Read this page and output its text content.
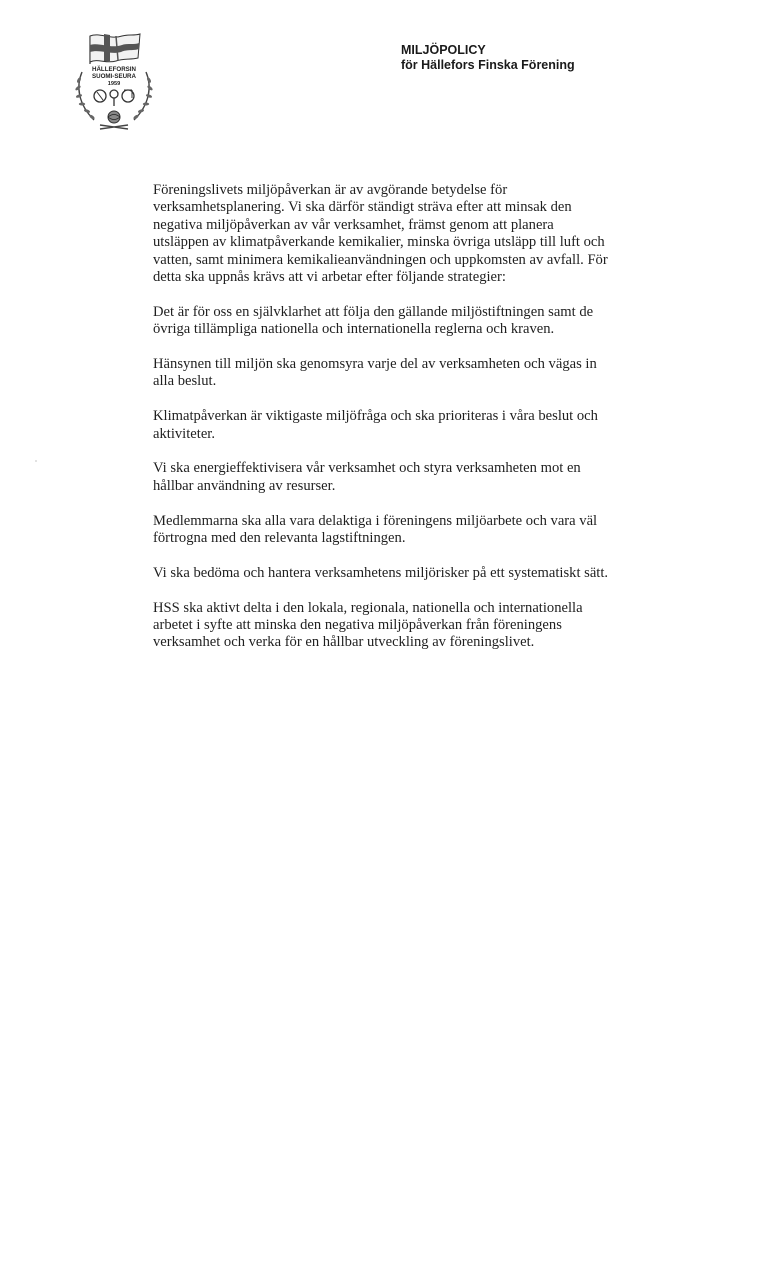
HÄLLEFORSIN
SUOMI-SEURA
1959
MILJÖPOLICY
för Hällefors Finska Förening

Föreningslivets miljöpåverkan är av avgörande betydelse för
verksamhetsplanering. Vi ska därför ständigt sträva efter att minsak den
negativa miljöpåverkan av vår verksamhet, främst genom att planera
utsläppen av klimatpåverkande kemikalier, minska övriga utsläpp till luft och
vatten, samt minimera kemikalieanvändningen och uppkomsten av avfall. För
detta ska uppnås krävs att vi arbetar efter följande strategier:

Det är för oss en självklarhet att följa den gällande miljöstiftningen samt de
övriga tillämpliga nationella och internationella reglerna och kraven.

Hänsynen till miljön ska genomsyra varje del av verksamheten och vägas in
alla beslut.

Klimatpåverkan är viktigaste miljöfråga och ska prioriteras i våra beslut och
aktiviteter.

Vi ska energieffektivisera vår verksamhet och styra verksamheten mot en
hållbar användning av resurser.

Medlemmarna ska alla vara delaktiga i föreningens miljöarbete och vara väl
förtrogna med den relevanta lagstiftningen.

Vi ska bedöma och hantera verksamhetens miljörisker på ett systematiskt sätt.

HSS ska aktivt delta i den lokala, regionala, nationella och internationella
arbetet i syfte att minska den negativa miljöpåverkan från föreningens
verksamhet och verka för en hållbar utveckling av föreningslivet.
